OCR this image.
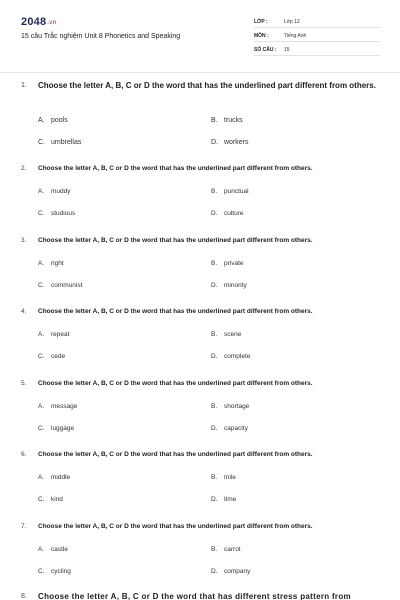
2048.vn
15 câu Trắc nghiệm Unit 8 Phonetics and Speaking
LỚP :	Lớp 12
MÔN :	Tiếng Anh
SỐ CÂU : 15
1. Choose the letter A, B, C or D the word that has the underlined part different from others.
A. pools	B. trucks
C. umbrellas	D. workers
2. Choose the letter A, B, C or D the word that has the underlined part different from others.
A. muddy	B. punctual
C. studious	D. culture
3. Choose the letter A, B, C or D the word that has the underlined part different from others.
A. right	B. private
C. communist	D. minority
4. Choose the letter A, B, C or D the word that has the underlined part different from others.
A. repeat	B. scene
C. cede	D. complete
5. Choose the letter A, B, C or D the word that has the underlined part different from others.
A. message	B. shortage
C. luggage	D. capacity
6. Choose the letter A, B, C or D the word that has the underlined part different from others.
A. middle	B. mile
C. kind	D. time
7. Choose the letter A, B, C or D the word that has the underlined part different from others.
A. castle	B. carrot
C. cycling	D. company
8. Choose the letter A, B, C or D the word that has different stress pattern from
